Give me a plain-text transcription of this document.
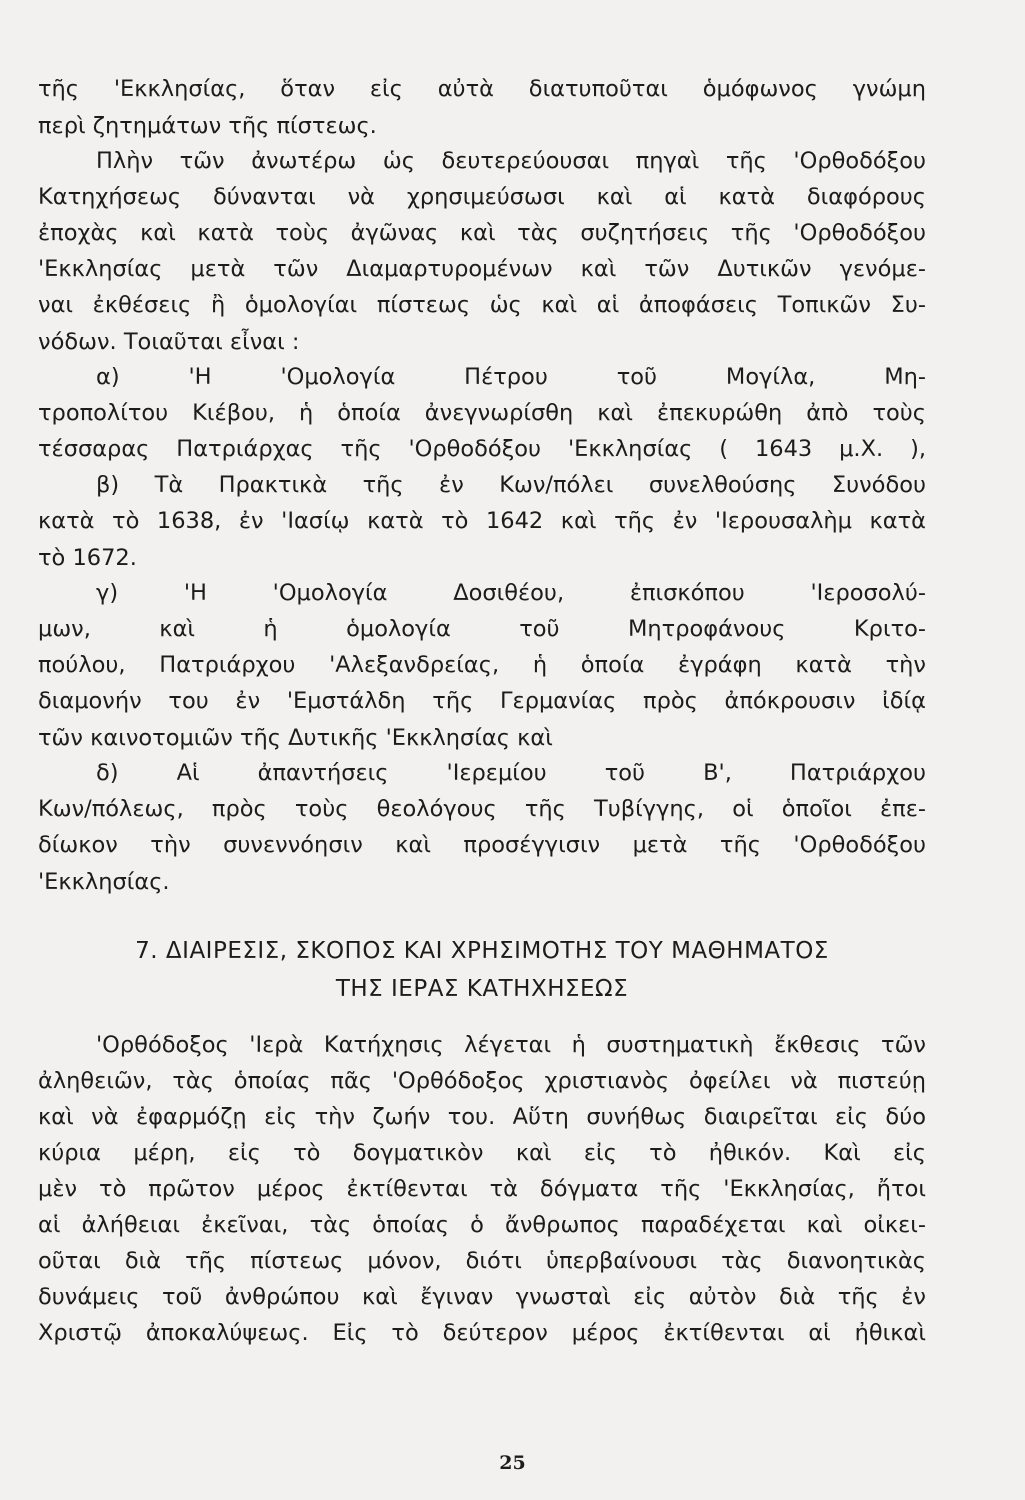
τῆς 'Εκκλησίας, ὅταν εἰς αὐτὰ διατυποῦται ὁμόφωνος γνώμη
περὶ ζητημάτων τῆς πίστεως.
Πλὴν τῶν ἀνωτέρω ὡς δευτερεύουσαι πηγαὶ τῆς 'Ορθοδόξου
Κατηχήσεως δύνανται νὰ χρησιμεύσωσι καὶ αἱ κατὰ διαφόρους
ἐποχὰς καὶ κατὰ τοὺς ἀγῶνας καὶ τὰς συζητήσεις τῆς 'Ορθοδόξου
'Εκκλησίας μετὰ τῶν Διαμαρτυρομένων καὶ τῶν Δυτικῶν γενόμε-
ναι ἐκθέσεις ἢ ὁμολογίαι πίστεως ὡς καὶ αἱ ἀποφάσεις Τοπικῶν Συ-
νόδων. Τοιαῦται εἶναι :
α) 'Η 'Ομολογία Πέτρου τοῦ Μογίλα, Μη-
τροπολίτου Κιέβου, ἡ ὁποία ἀνεγνωρίσθη καὶ ἐπεκυρώθη ἀπὸ τοὺς
τέσσαρας Πατριάρχας τῆς 'Ορθοδόξου 'Εκκλησίας ( 1643 μ.Χ. ),
β) Τὰ Πρακτικὰ τῆς ἐν Κων/πόλει συνελθούσης Συνόδου
κατὰ τὸ 1638, ἐν 'Ιασίῳ κατὰ τὸ 1642 καὶ τῆς ἐν 'Ιερουσαλὴμ κατὰ
τὸ 1672.
γ) 'Η 'Ομολογία Δοσιθέου, ἐπισκόπου 'Ιεροσολύ-
μων, καὶ ἡ ὁμολογία τοῦ Μητροφάνους Κριτο-
πούλου, Πατριάρχου 'Αλεξανδρείας, ἡ ὁποία ἐγράφη κατὰ τὴν
διαμονήν του ἐν 'Εμστάλδη τῆς Γερμανίας πρὸς ἀπόκρουσιν ἰδίᾳ
τῶν καινοτομιῶν τῆς Δυτικῆς 'Εκκλησίας καὶ
δ) Αἱ ἀπαντήσεις 'Ιερεμίου τοῦ Β', Πατριάρχου
Κων/πόλεως, πρὸς τοὺς θεολόγους τῆς Τυβίγγης, οἱ ὁποῖοι ἐπε-
δίωκον τὴν συνεννόησιν καὶ προσέγγισιν μετὰ τῆς 'Ορθοδόξου
'Εκκλησίας.
7. ΔΙΑΙΡΕΣΙΣ, ΣΚΟΠΟΣ ΚΑΙ ΧΡΗΣΙΜΟΤΗΣ ΤΟΥ ΜΑΘΗΜΑΤΟΣ
ΤΗΣ ΙΕΡΑΣ ΚΑΤΗΧΗΣΕΩΣ
'Ορθόδοξος 'Ιερὰ Κατήχησις λέγεται ἡ συστηματικὴ ἔκθεσις τῶν
ἀληθειῶν, τὰς ὁποίας πᾶς 'Ορθόδοξος χριστιανὸς ὀφείλει νὰ πιστεύῃ
καὶ νὰ ἐφαρμόζῃ εἰς τὴν ζωήν του. Αὕτη συνήθως διαιρεῖται εἰς δύο
κύρια μέρη, εἰς τὸ δογματικὸν καὶ εἰς τὸ ἠθικόν. Καὶ εἰς
μὲν τὸ πρῶτον μέρος ἐκτίθενται τὰ δόγματα τῆς 'Εκκλησίας, ἤτοι
αἱ ἀλήθειαι ἐκεῖναι, τὰς ὁποίας ὁ ἄνθρωπος παραδέχεται καὶ οἰκει-
οῦται διὰ τῆς πίστεως μόνον, διότι ὑπερβαίνουσι τὰς διανοητικὰς
δυνάμεις τοῦ ἀνθρώπου καὶ ἔγιναν γνωσταὶ εἰς αὐτὸν διὰ τῆς ἐν
Χριστῷ ἀποκαλύψεως. Εἰς τὸ δεύτερον μέρος ἐκτίθενται αἱ ἠθικαὶ
25
